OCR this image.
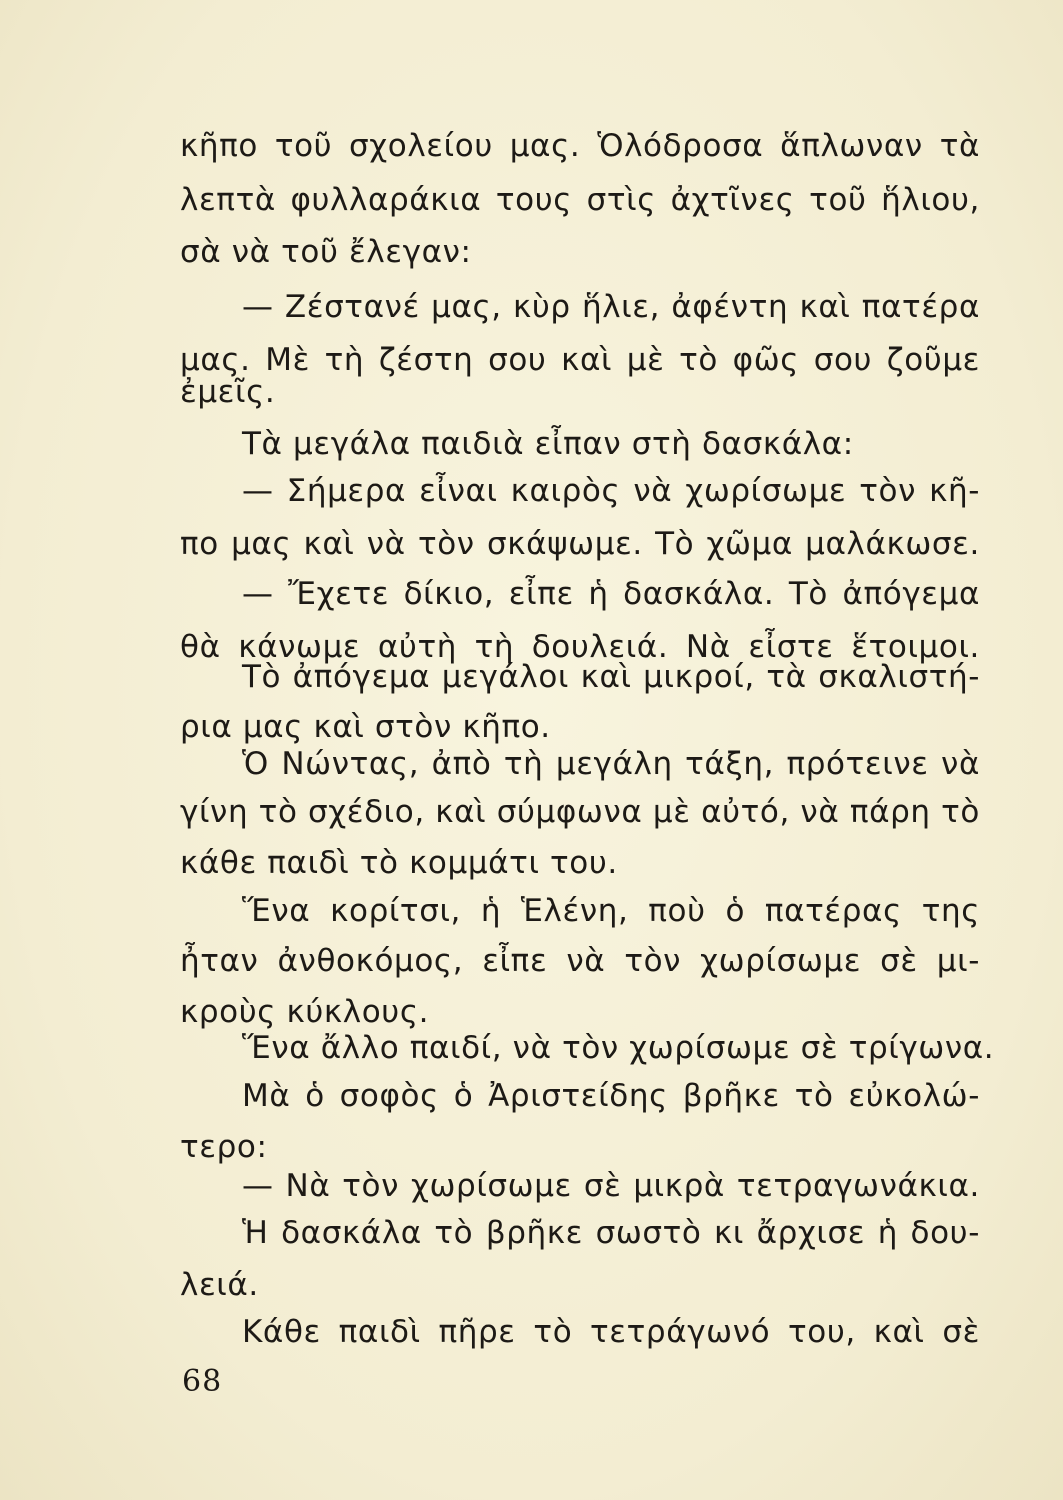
κῆπο τοῦ σχολείου μας. Ὁλόδροσα ἅπλωναν τὰ
λεπτὰ φυλλαράκια τους στὶς ἀχτῖνες τοῦ ἥλιου,
σὰ νὰ τοῦ ἔλεγαν:
— Ζέστανέ μας, κὺρ ἥλιε, ἀφέντη καὶ πατέρα
μας. Μὲ τὴ ζέστη σου καὶ μὲ τὸ φῶς σου ζοῦμε
ἐμεῖς.
Τὰ μεγάλα παιδιὰ εἶπαν στὴ δασκάλα:
— Σήμερα εἶναι καιρὸς νὰ χωρίσωμε τὸν κῆ-
πο μας καὶ νὰ τὸν σκάψωμε. Τὸ χῶμα μαλάκωσε.
— Ἔχετε δίκιο, εἶπε ἡ δασκάλα. Τὸ ἀπόγεμα
θὰ κάνωμε αὐτὴ τὴ δουλειά. Νὰ εἶστε ἕτοιμοι.
Τὸ ἀπόγεμα μεγάλοι καὶ μικροί, τὰ σκαλιστή-
ρια μας καὶ στὸν κῆπο.
Ὁ Νώντας, ἀπὸ τὴ μεγάλη τάξη, πρότεινε νὰ
γίνη τὸ σχέδιο, καὶ σύμφωνα μὲ αὐτό, νὰ πάρη τὸ
κάθε παιδὶ τὸ κομμάτι του.
Ἕνα κορίτσι, ἡ Ἑλένη, ποὺ ὁ πατέρας της
ἦταν ἀνθοκόμος, εἶπε νὰ τὸν χωρίσωμε σὲ μι-
κροὺς κύκλους.
Ἕνα ἄλλο παιδί, νὰ τὸν χωρίσωμε σὲ τρίγωνα.
Μὰ ὁ σοφὸς ὁ Ἀριστείδης βρῆκε τὸ εὐκολώ-
τερο:
— Νὰ τὸν χωρίσωμε σὲ μικρὰ τετραγωνάκια.
Ἡ δασκάλα τὸ βρῆκε σωστὸ κι ἄρχισε ἡ δου-
λειά.
Κάθε παιδὶ πῆρε τὸ τετράγωνό του, καὶ σὲ
68
